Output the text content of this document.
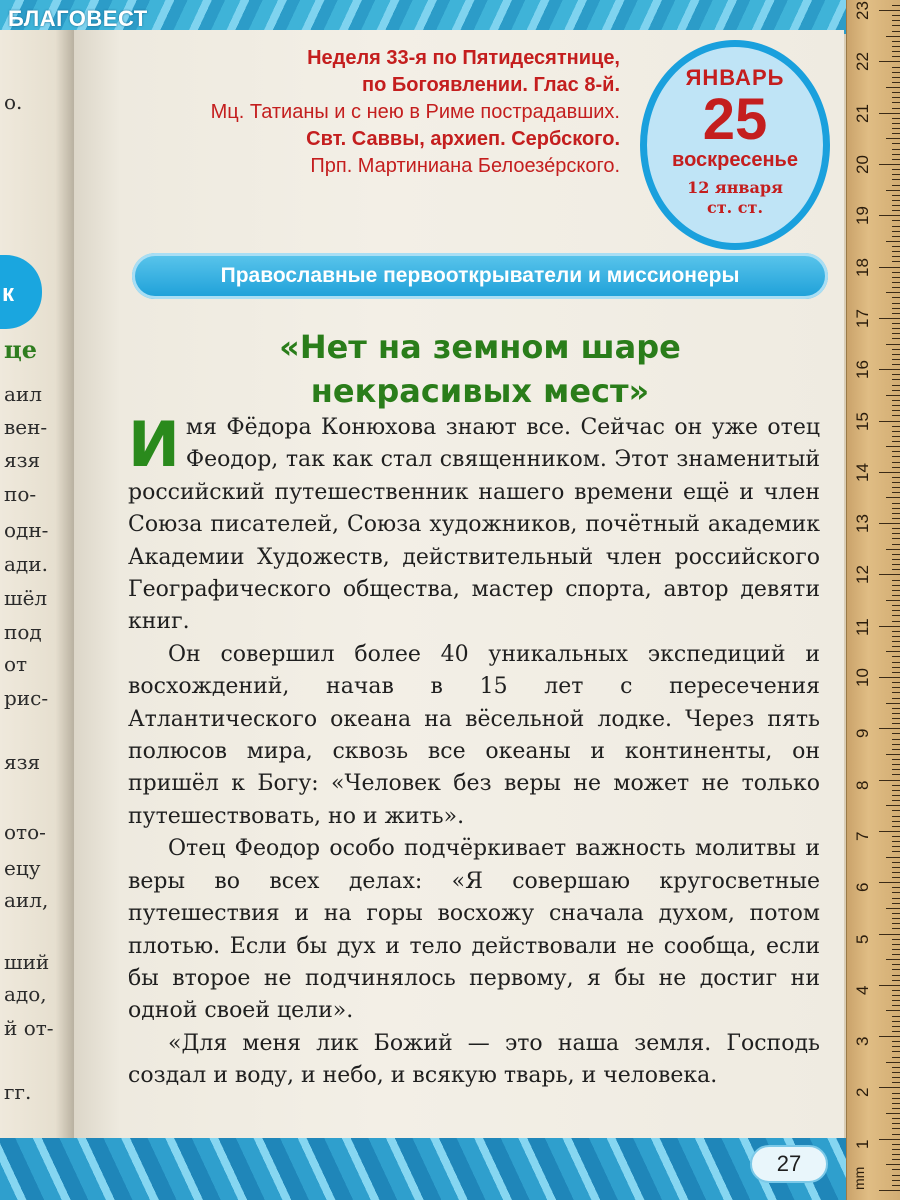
о.
к
це
аил
вен-
язя
по-
одн-
ади.
шёл
под
от
рис-
язя
ото-
ецу
аил,
ший
адо,
й от-
гг.
БЛАГОВЕСТ
Неделя 33-я по Пятидесятнице,
по Богоявлении. Глас 8-й.
Мц. Татианы и с нею в Риме пострадавших.
Свт. Саввы, архиеп. Сербского.
Прп. Мартиниана Белоезе́рского.
ЯНВАРЬ
25
воскресенье
12 января
ст. ст.
Православные первооткрыватели и миссионеры
«Нет на земном шаре
некрасивых мест»

Имя Фёдора Конюхова знают все. Сейчас он уже отец Феодор, так как стал священником. Этот знаменитый российский путешественник нашего времени ещё и член Союза писателей, Союза художников, почётный академик Академии Художеств, действительный член российского Географического общества, мастер спорта, автор девяти книг.

Он совершил более 40 уникальных экспедиций и восхождений, начав в 15 лет с пересечения Атлантического океана на вёсельной лодке. Через пять полюсов мира, сквозь все океаны и континенты, он пришёл к Богу: «Человек без веры не может не только путешествовать, но и жить».

Отец Феодор особо подчёркивает важность молитвы и веры во всех делах: «Я совершаю кругосветные путешествия и на горы восхожу сначала духом, потом плотью. Если бы дух и тело действовали не сообща, если бы второе не подчинялось первому, я бы не достиг ни одной своей цели».

«Для меня лик Божий — это наша земля. Господь создал и воду, и небо, и всякую тварь, и человека.

27
mm
1
2
3
4
5
6
7
8
9
10
11
12
13
14
15
16
17
18
19
20
21
22
23
